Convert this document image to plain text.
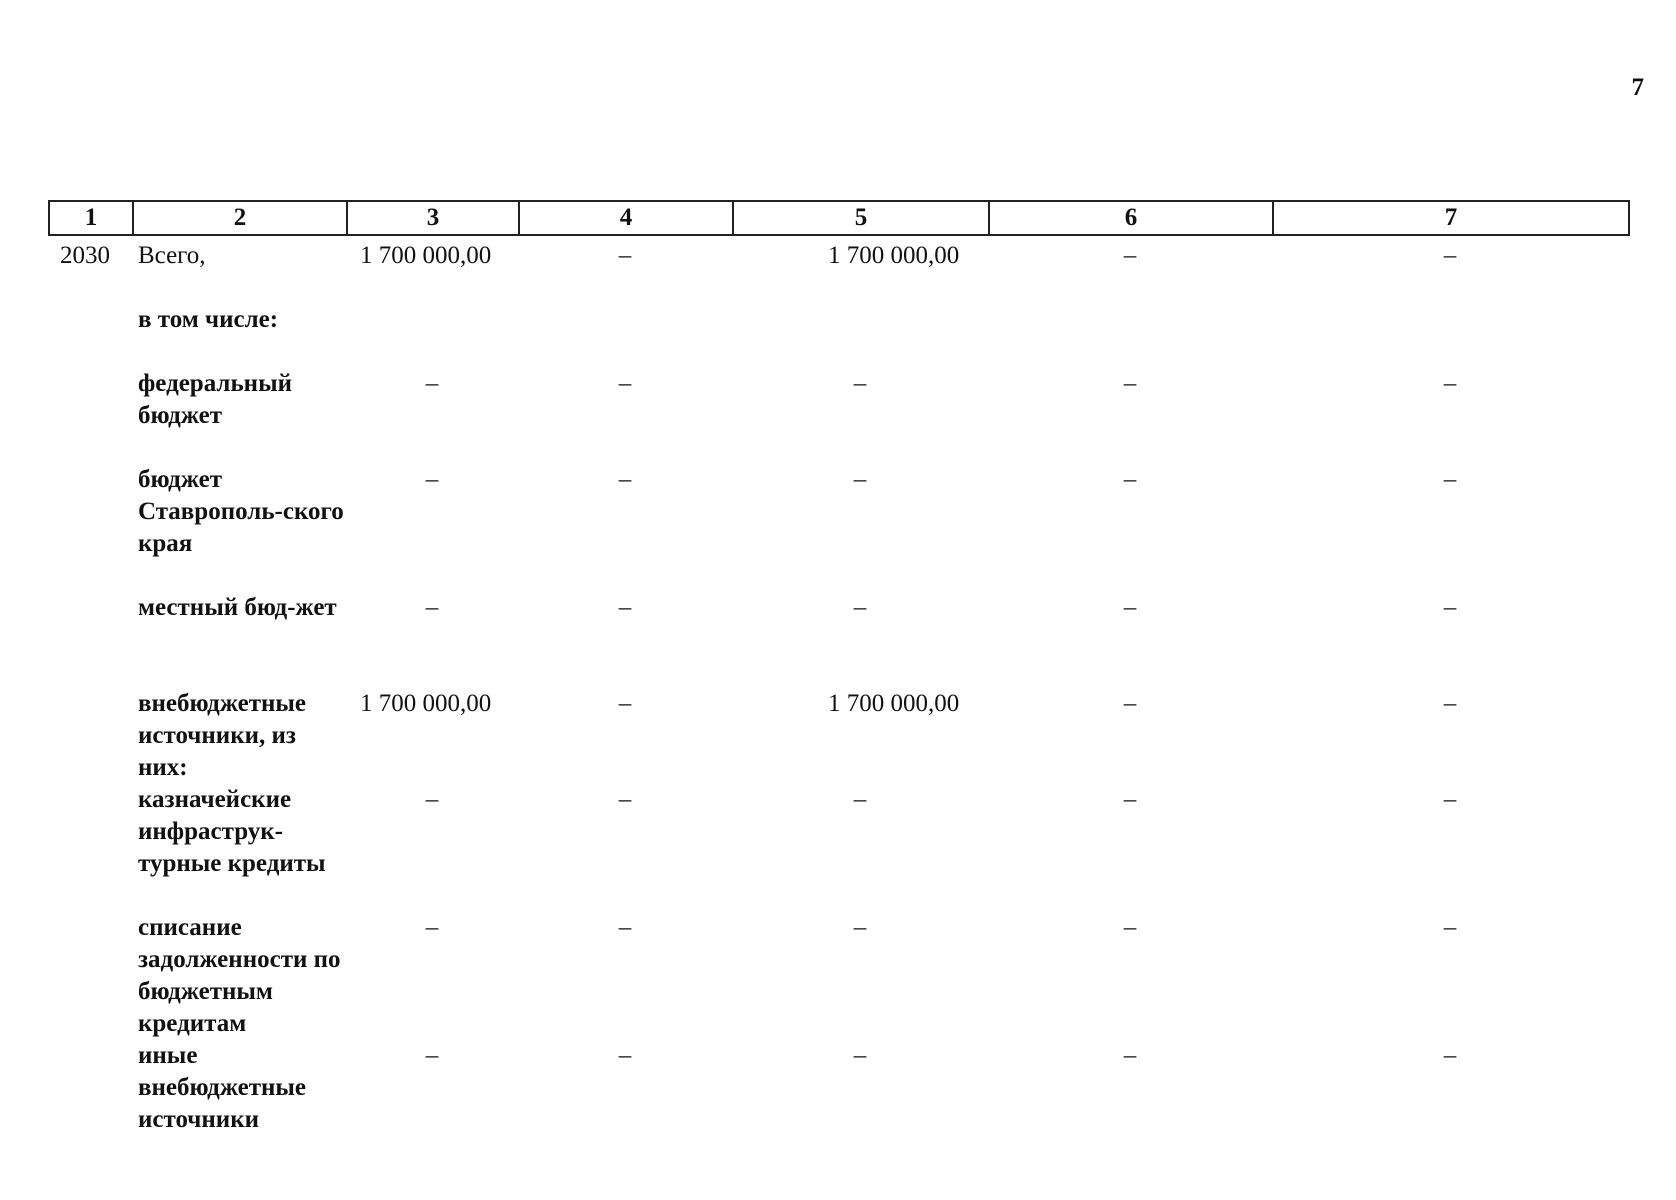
7
1	2	3	4	5	6	7
2030	Всего,	1 700 000,00	–	1 700 000,00	–	–
	в том числе:					
	федеральный бюджет	–	–	–	–	–
	бюджет Ставрополь-ского края	–	–	–	–	–
	местный бюд-жет	–	–	–	–	–
	внебюджетные источники, из них:	1 700 000,00	–	1 700 000,00	–	–
	казначейские инфраструк-турные кредиты	–	–	–	–	–
	списание задолженности по бюджетным кредитам	–	–	–	–	–
	иные внебюджетные источники	–	–	–	–	–
